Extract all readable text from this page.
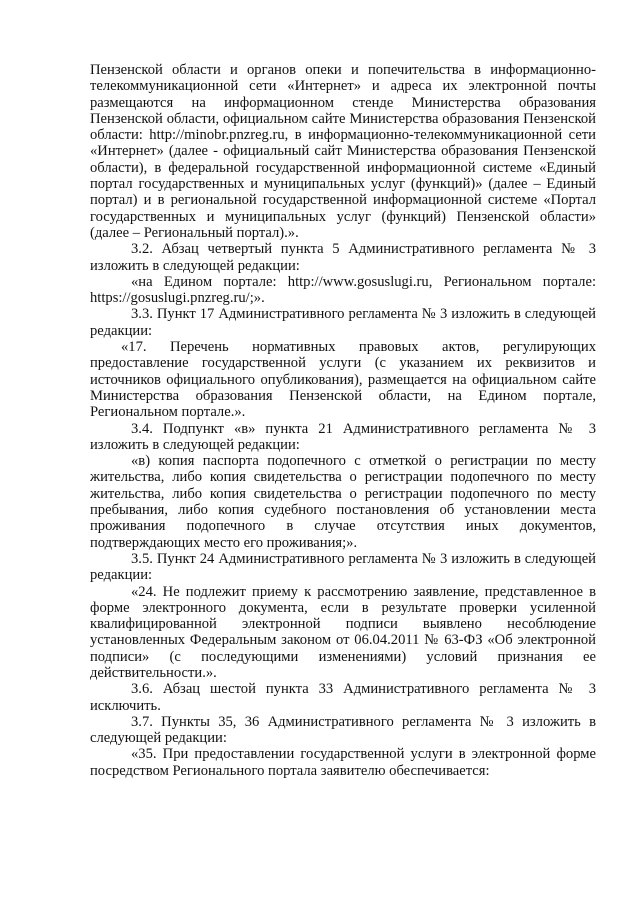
Пензенской области и органов опеки и попечительства в информационно-телекоммуникационной сети «Интернет» и адреса их электронной почты размещаются на информационном стенде Министерства образования Пензенской области, официальном сайте Министерства образования Пензенской области: http://minobr.pnzreg.ru, в информационно-телекоммуникационной сети «Интернет» (далее - официальный сайт Министерства образования Пензенской области), в федеральной государственной информационной системе «Единый портал государственных и муниципальных услуг (функций)» (далее – Единый портал) и в региональной государственной информационной системе «Портал государственных и муниципальных услуг (функций) Пензенской области» (далее – Региональный портал).».

3.2. Абзац четвертый пункта 5 Административного регламента № 3 изложить в следующей редакции:

«на Едином портале: http://www.gosuslugi.ru, Региональном портале: https://gosuslugi.pnzreg.ru/;».

3.3. Пункт 17 Административного регламента № 3 изложить в следующей редакции:

«17. Перечень нормативных правовых актов, регулирующих предоставление государственной услуги (с указанием их реквизитов и источников официального опубликования), размещается на официальном сайте Министерства образования Пензенской области, на Едином портале, Региональном портале.».

3.4. Подпункт «в» пункта 21 Административного регламента № 3 изложить в следующей редакции:

«в) копия паспорта подопечного с отметкой о регистрации по месту жительства, либо копия свидетельства о регистрации подопечного по месту жительства, либо копия свидетельства о регистрации подопечного по месту пребывания, либо копия судебного постановления об установлении места проживания подопечного в случае отсутствия иных документов, подтверждающих место его проживания;».

3.5. Пункт 24 Административного регламента № 3 изложить в следующей редакции:

«24. Не подлежит приему к рассмотрению заявление, представленное в форме электронного документа, если в результате проверки усиленной квалифицированной электронной подписи выявлено несоблюдение установленных Федеральным законом от 06.04.2011 № 63-ФЗ «Об электронной подписи» (с последующими изменениями) условий признания ее действительности.».

3.6. Абзац шестой пункта 33 Административного регламента № 3 исключить.

3.7. Пункты 35, 36 Административного регламента № 3 изложить в следующей редакции:

«35. При предоставлении государственной услуги в электронной форме посредством Регионального портала заявителю обеспечивается:
